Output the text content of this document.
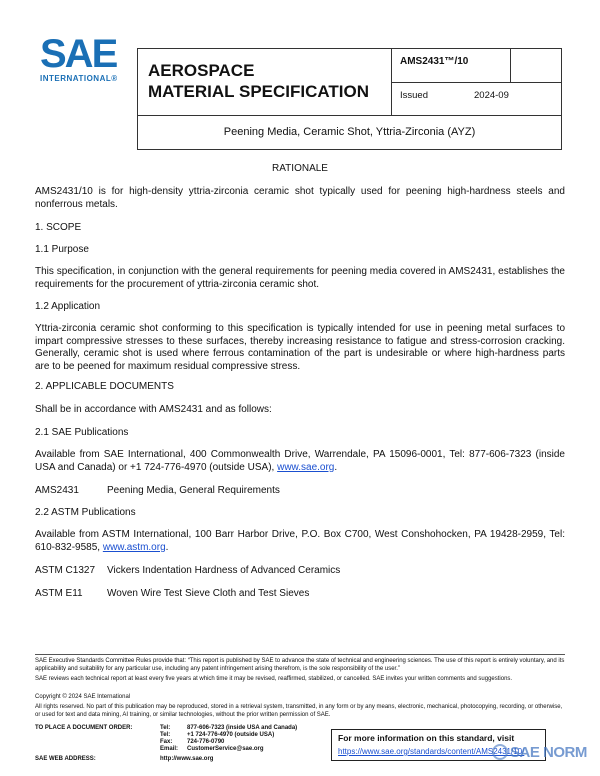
SAE
INTERNATIONAL®	AEROSPACE
MATERIAL SPECIFICATION
AMS2431™/10
Issued	2024-09
Peening Media, Ceramic Shot, Yttria-Zirconia (AYZ)
RATIONALE
AMS2431/10 is for high-density yttria-zirconia ceramic shot typically used for peening high-hardness steels and nonferrous metals.
1. SCOPE
1.1 Purpose
This specification, in conjunction with the general requirements for peening media covered in AMS2431, establishes the requirements for the procurement of yttria-zirconia ceramic shot.
1.2 Application
Yttria-zirconia ceramic shot conforming to this specification is typically intended for use in peening metal surfaces to impart compressive stresses to these surfaces, thereby increasing resistance to fatigue and stress-corrosion cracking. Generally, ceramic shot is used where ferrous contamination of the part is undesirable or where high-hardness parts are to be peened for maximum residual compressive stress.
2. APPLICABLE DOCUMENTS
Shall be in accordance with AMS2431 and as follows:
2.1 SAE Publications
Available from SAE International, 400 Commonwealth Drive, Warrendale, PA 15096-0001, Tel: 877-606-7323 (inside USA and Canada) or +1 724-776-4970 (outside USA), www.sae.org.
AMS2431	Peening Media, General Requirements
2.2 ASTM Publications
Available from ASTM International, 100 Barr Harbor Drive, P.O. Box C700, West Conshohocken, PA 19428-2959, Tel: 610-832-9585, www.astm.org.
ASTM C1327 Vickers Indentation Hardness of Advanced Ceramics
ASTM E11 Woven Wire Test Sieve Cloth and Test Sieves
SAE Executive Standards Committee Rules provide that: “This report is published by SAE to advance the state of technical and engineering sciences. The use of this report is entirely voluntary, and its applicability and suitability for any particular use, including any patent infringement arising therefrom, is the sole responsibility of the user.”
SAE reviews each technical report at least every five years at which time it may be revised, reaffirmed, stabilized, or cancelled. SAE invites your written comments and suggestions.
Copyright © 2024 SAE International
All rights reserved. No part of this publication may be reproduced, stored in a retrieval system, transmitted, in any form or by any means, electronic, mechanical, photocopying, recording, or otherwise, or used for text and data mining, AI training, or similar technologies, without the prior written permission of SAE.
TO PLACE A DOCUMENT ORDER:	Tel:	877-606-7323 (inside USA and Canada)
Tel:	+1 724-776-4970 (outside USA)
Fax:	724-776-0790
Email:	CustomerService@sae.org
SAE WEB ADDRESS:	http://www.sae.org
For more information on this standard, visit
https://www.sae.org/standards/content/AMS2431/10/
SAE NORM
